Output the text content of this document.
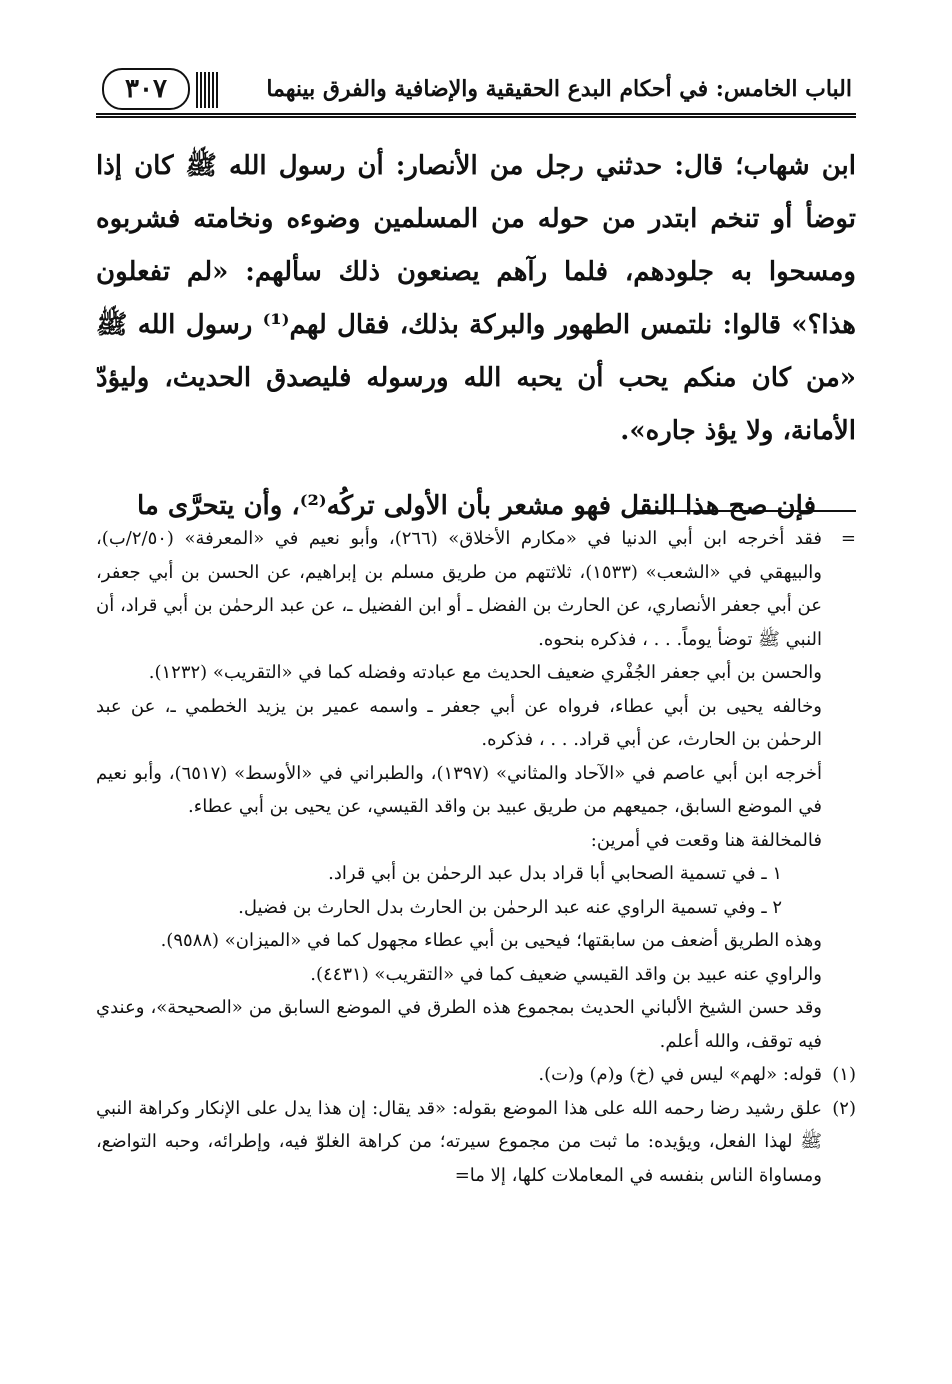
٣٠٧	الباب الخامس: في أحكام البدع الحقيقية والإضافية والفرق بينهما

ابن شهاب؛ قال: حدثني رجل من الأنصار: أن رسول الله ﷺ كان إذا توضأ أو تنخم ابتدر من حوله من المسلمين وضوءه ونخامته فشربوه ومسحوا به جلودهم، فلما رآهم يصنعون ذلك سألهم: «لم تفعلون هذا؟» قالوا: نلتمس الطهور والبركة بذلك، فقال لهم⁽¹⁾ رسول الله ﷺ «من كان منكم يحب أن يحبه الله ورسوله فليصدق الحديث، وليؤدّ الأمانة، ولا يؤذ جاره».

فإن صح هذا النقل فهو مشعر بأن الأولى تركُه⁽²⁾، وأن يتحرَّى ما

=

فقد أخرجه ابن أبي الدنيا في «مكارم الأخلاق» (٢٦٦)، وأبو نعيم في «المعرفة» (٢/٥٠/ب)، والبيهقي في «الشعب» (١٥٣٣)، ثلاثتهم من طريق مسلم بن إبراهيم، عن الحسن بن أبي جعفر، عن أبي جعفر الأنصاري، عن الحارث بن الفضل ـ أو ابن الفضيل ـ، عن عبد الرحمٰن بن أبي قراد، أن النبي ﷺ توضأ يوماً. . . ، فذكره بنحوه.

والحسن بن أبي جعفر الجُفْري ضعيف الحديث مع عبادته وفضله كما في «التقريب» (١٢٣٢).

وخالفه يحيى بن أبي عطاء، فرواه عن أبي جعفر ـ واسمه عمير بن يزيد الخطمي ـ، عن عبد الرحمٰن بن الحارث، عن أبي قراد. . . ، فذكره.

أخرجه ابن أبي عاصم في «الآحاد والمثاني» (١٣٩٧)، والطبراني في «الأوسط» (٦٥١٧)، وأبو نعيم في الموضع السابق، جميعهم من طريق عبيد بن واقد القيسي، عن يحيى بن أبي عطاء.

فالمخالفة هنا وقعت في أمرين:

١ ـ في تسمية الصحابي أبا قراد بدل عبد الرحمٰن بن أبي قراد.

٢ ـ وفي تسمية الراوي عنه عبد الرحمٰن بن الحارث بدل الحارث بن فضيل.

وهذه الطريق أضعف من سابقتها؛ فيحيى بن أبي عطاء مجهول كما في «الميزان» (٩٥٨٨).

والراوي عنه عبيد بن واقد القيسي ضعيف كما في «التقريب» (٤٤٣١).

وقد حسن الشيخ الألباني الحديث بمجموع هذه الطرق في الموضع السابق من «الصحيحة»، وعندي فيه توقف، والله أعلم.

(١)
قوله: «لهم» ليس في (خ) و(م) و(ت).
(٢)
علق رشيد رضا رحمه الله على هذا الموضع بقوله: «قد يقال: إن هذا يدل على الإنكار وكراهة النبي ﷺ لهذا الفعل، ويؤيده: ما ثبت من مجموع سيرته؛ من كراهة الغلوّ فيه، وإطرائه، وحبه التواضع، ومساواة الناس بنفسه في المعاملات كلها، إلا ما=
